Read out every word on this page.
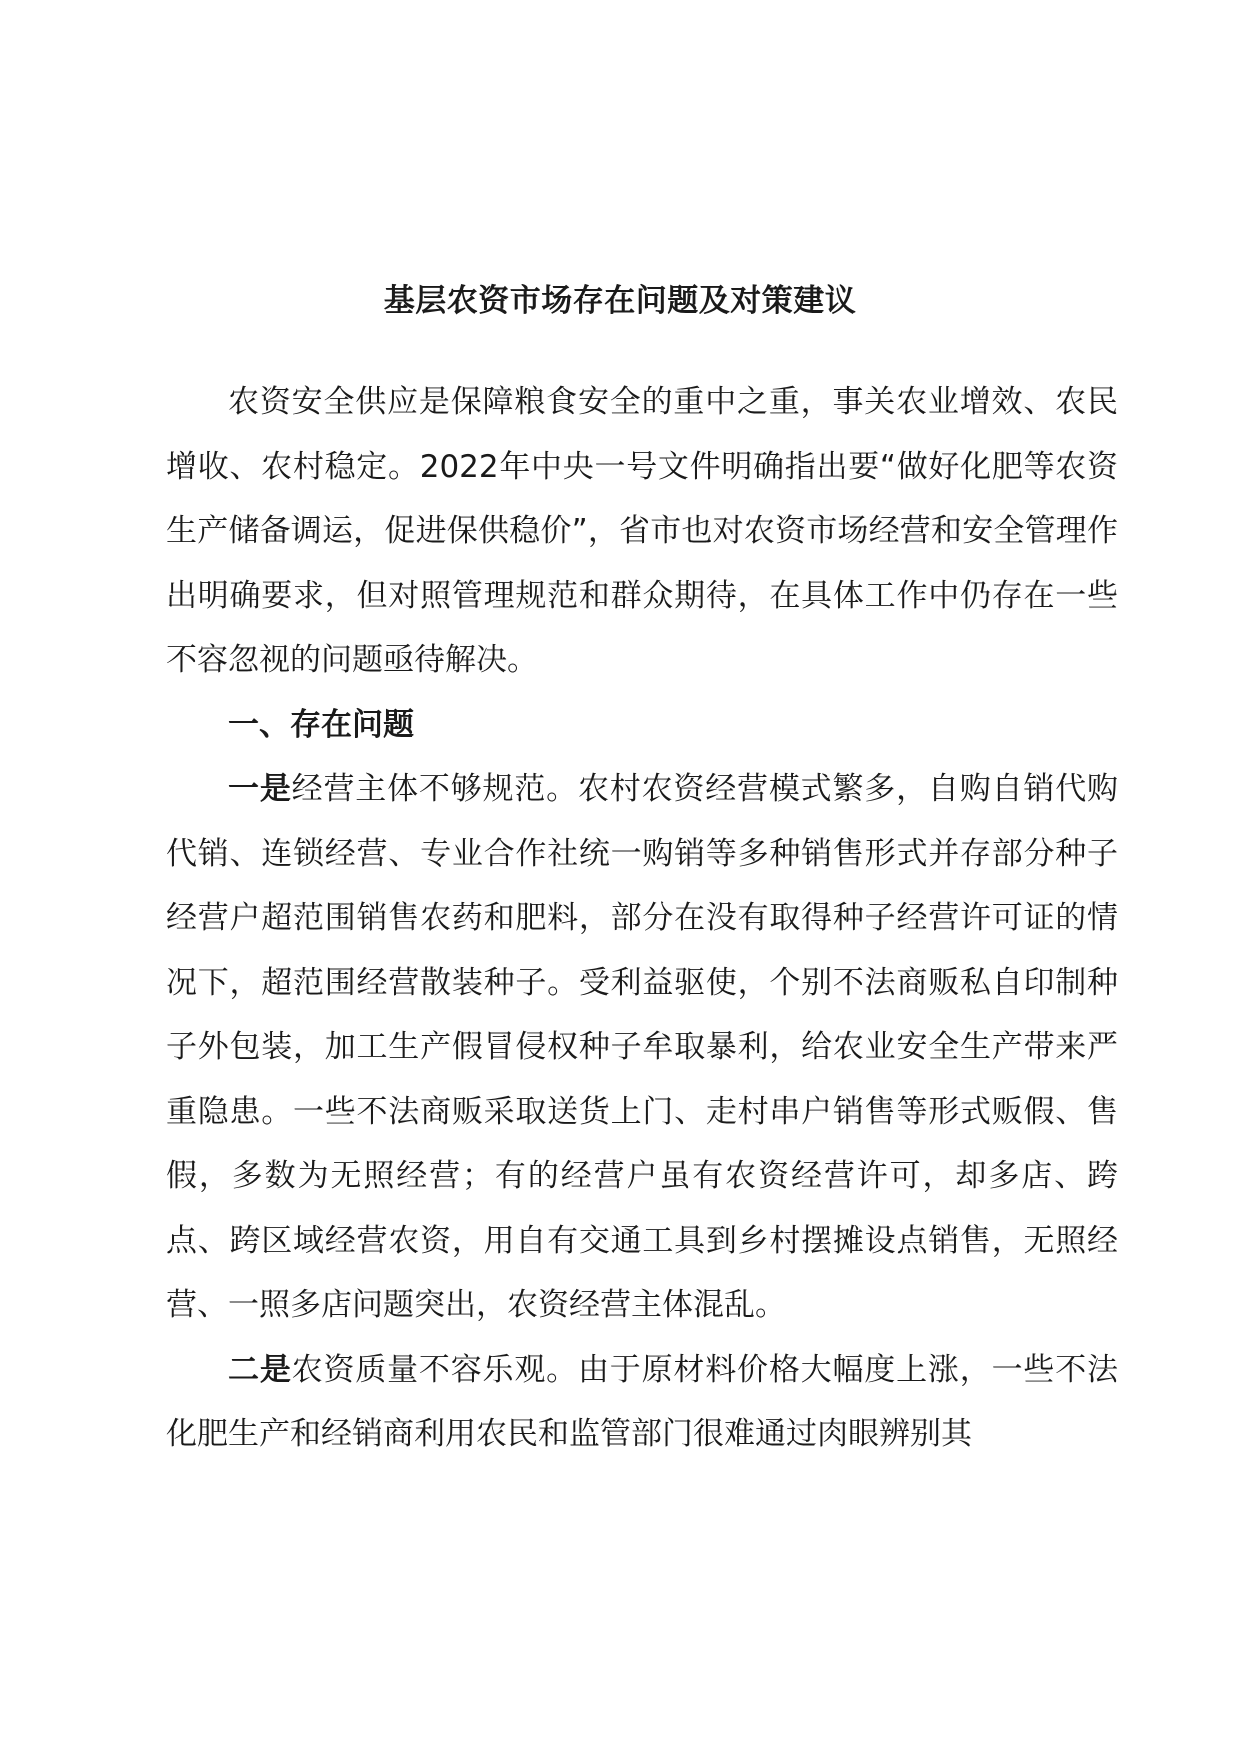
基层农资市场存在问题及对策建议

农资安全供应是保障粮食安全的重中之重，事关农业增效、农民增收、农村稳定。2022年中央一号文件明确指出要“做好化肥等农资生产储备调运，促进保供稳价”，省市也对农资市场经营和安全管理作出明确要求，但对照管理规范和群众期待，在具体工作中仍存在一些不容忽视的问题亟待解决。

一、存在问题

一是经营主体不够规范。农村农资经营模式繁多，自购自销代购代销、连锁经营、专业合作社统一购销等多种销售形式并存部分种子经营户超范围销售农药和肥料，部分在没有取得种子经营许可证的情况下，超范围经营散装种子。受利益驱使，个别不法商贩私自印制种子外包装，加工生产假冒侵权种子牟取暴利，给农业安全生产带来严重隐患。一些不法商贩采取送货上门、走村串户销售等形式贩假、售假，多数为无照经营；有的经营户虽有农资经营许可，却多店、跨点、跨区域经营农资，用自有交通工具到乡村摆摊设点销售，无照经营、一照多店问题突出，农资经营主体混乱。

二是农资质量不容乐观。由于原材料价格大幅度上涨，一些不法化肥生产和经销商利用农民和监管部门很难通过肉眼辨别其
